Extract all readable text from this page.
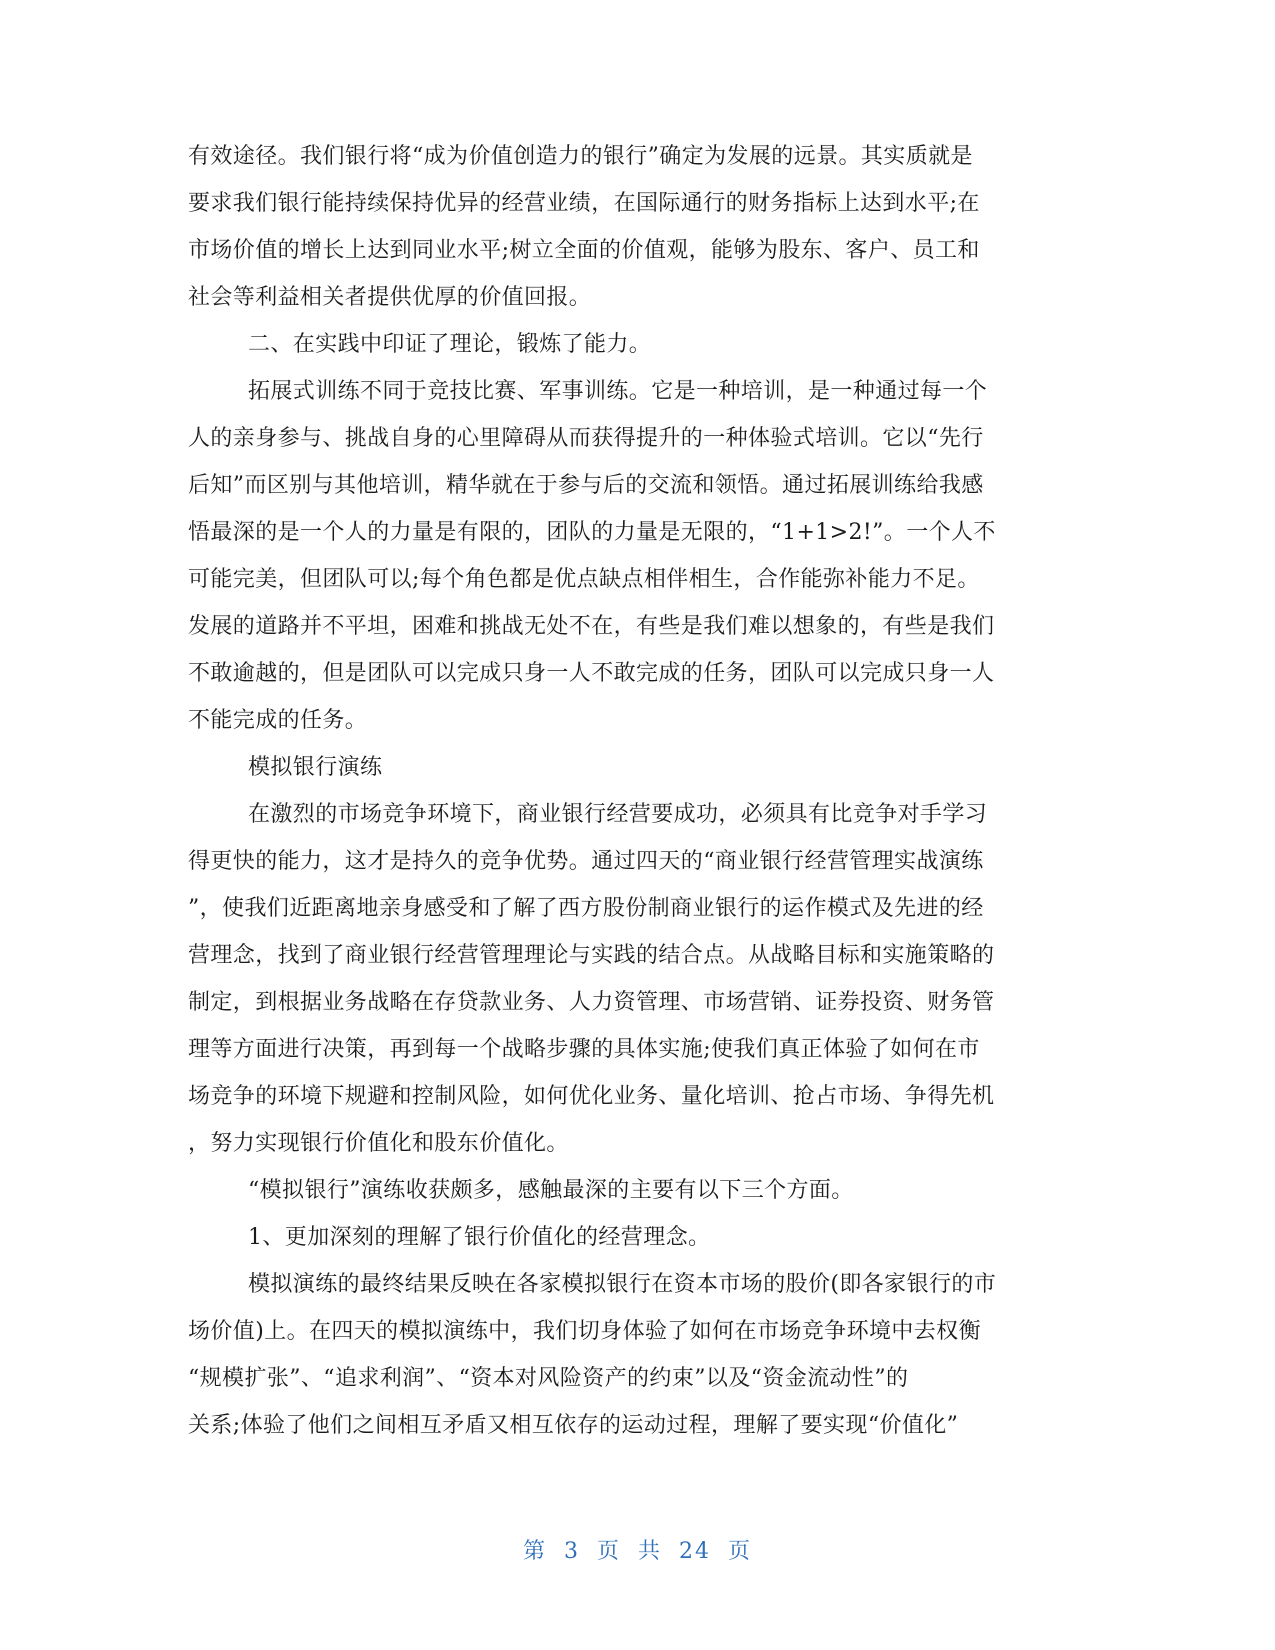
有效途径。我们银行将“成为价值创造力的银行”确定为发展的远景。其实质就是
要求我们银行能持续保持优异的经营业绩，在国际通行的财务指标上达到水平;在
市场价值的增长上达到同业水平;树立全面的价值观，能够为股东、客户、员工和
社会等利益相关者提供优厚的价值回报。
二、在实践中印证了理论，锻炼了能力。
拓展式训练不同于竞技比赛、军事训练。它是一种培训，是一种通过每一个
人的亲身参与、挑战自身的心里障碍从而获得提升的一种体验式培训。它以“先行
后知”而区别与其他培训，精华就在于参与后的交流和领悟。通过拓展训练给我感
悟最深的是一个人的力量是有限的，团队的力量是无限的，“1+1>2!”。一个人不
可能完美，但团队可以;每个角色都是优点缺点相伴相生，合作能弥补能力不足。
发展的道路并不平坦，困难和挑战无处不在，有些是我们难以想象的，有些是我们
不敢逾越的，但是团队可以完成只身一人不敢完成的任务，团队可以完成只身一人
不能完成的任务。
模拟银行演练
在激烈的市场竞争环境下，商业银行经营要成功，必须具有比竞争对手学习
得更快的能力，这才是持久的竞争优势。通过四天的“商业银行经营管理实战演练
”，使我们近距离地亲身感受和了解了西方股份制商业银行的运作模式及先进的经
营理念，找到了商业银行经营管理理论与实践的结合点。从战略目标和实施策略的
制定，到根据业务战略在存贷款业务、人力资管理、市场营销、证券投资、财务管
理等方面进行决策，再到每一个战略步骤的具体实施;使我们真正体验了如何在市
场竞争的环境下规避和控制风险，如何优化业务、量化培训、抢占市场、争得先机
，努力实现银行价值化和股东价值化。
“模拟银行”演练收获颇多，感触最深的主要有以下三个方面。
1、更加深刻的理解了银行价值化的经营理念。
模拟演练的最终结果反映在各家模拟银行在资本市场的股价(即各家银行的市
场价值)上。在四天的模拟演练中，我们切身体验了如何在市场竞争环境中去权衡
“规模扩张”、“追求利润”、“资本对风险资产的约束”以及“资金流动性”的
关系;体验了他们之间相互矛盾又相互依存的运动过程，理解了要实现“价值化”
第 3 页 共 24 页
